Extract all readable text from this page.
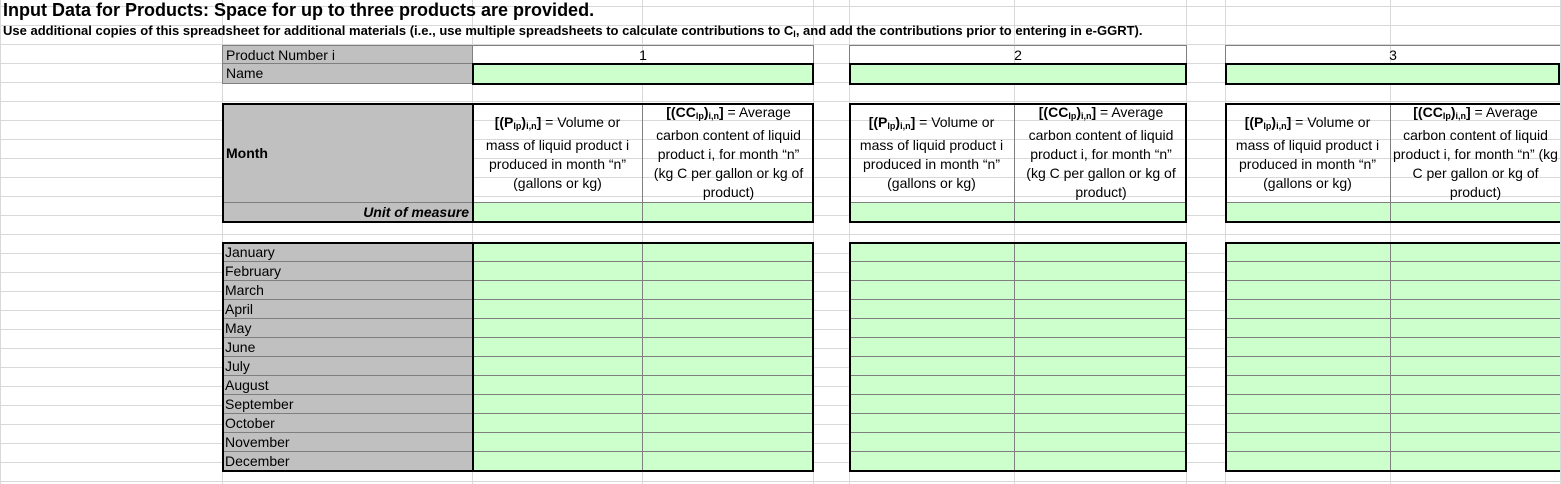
Input Data for Products: Space for up to three products are provided.
Use additional copies of this spreadsheet for additional materials (i.e., use multiple spreadsheets to calculate contributions to $C_l$, and add the contributions prior to entering in e-GGRT).
Product Number i
Name
Month
Unit of measure
January
February
March
April
May
June
July
August
September
October
November
December
1
$[(P_{lp})_{i,n}]$ = Volume or mass of liquid product i produced in month “n” (gallons or kg)
$[(CC_{lp})_{i,n}]$ = Average carbon content of liquid product i, for month “n” (kg C per gallon or kg of product)
2
$[(P_{lp})_{i,n}]$ = Volume or mass of liquid product i produced in month “n” (gallons or kg)
$[(CC_{lp})_{i,n}]$ = Average carbon content of liquid product i, for month “n” (kg C per gallon or kg of product)
3
$[(P_{lp})_{i,n}]$ = Volume or mass of liquid product i produced in month “n” (gallons or kg)
$[(CC_{lp})_{i,n}]$ = Average carbon content of liquid product i, for month “n” (kg C per gallon or kg of product)
